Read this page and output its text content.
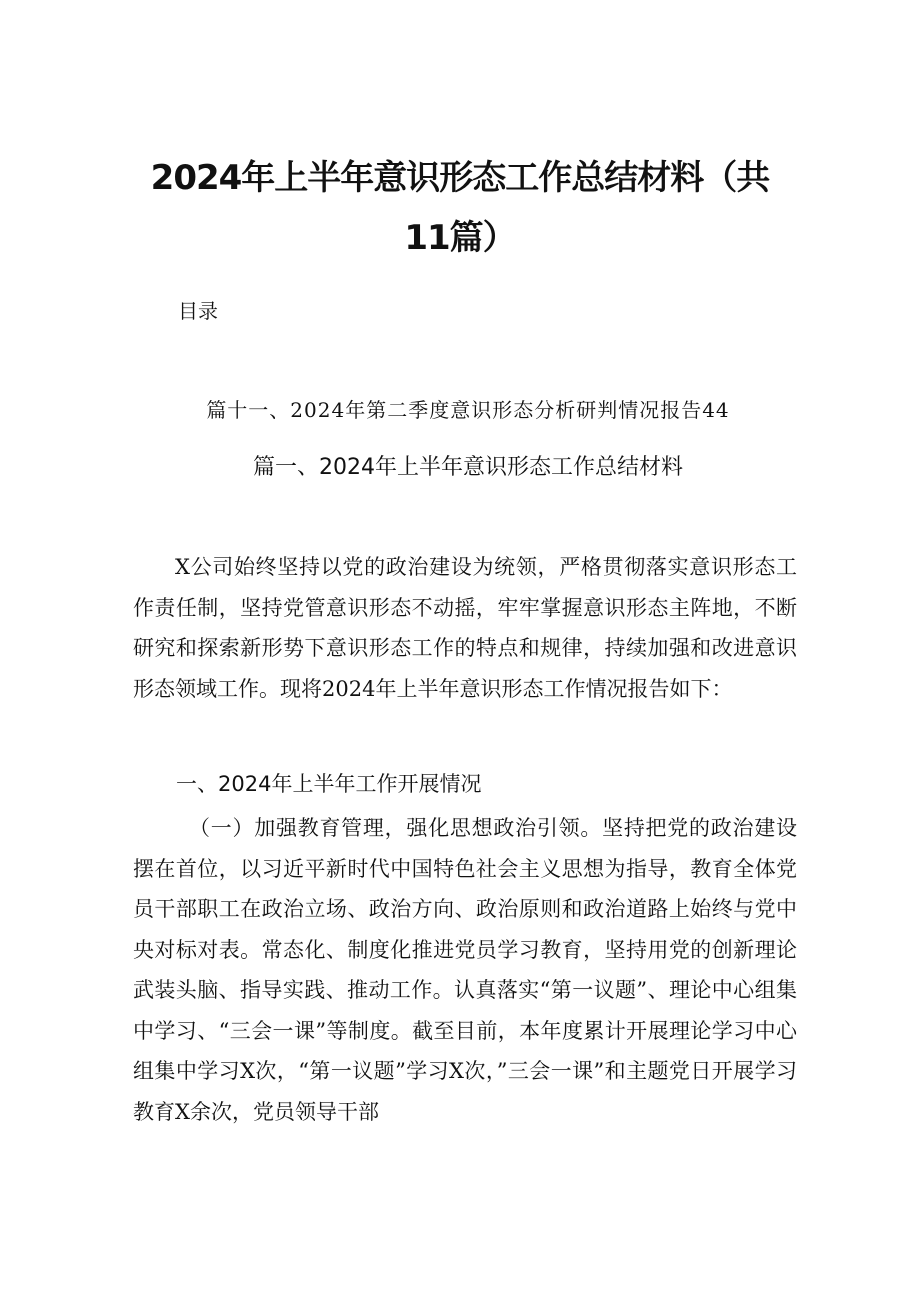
2024年上半年意识形态工作总结材料（共
11篇）
目录
篇十一、2024年第二季度意识形态分析研判情况报告44
篇一、2024年上半年意识形态工作总结材料
X公司始终坚持以党的政治建设为统领，严格贯彻落实意识形态工作责任制，坚持党管意识形态不动摇，牢牢掌握意识形态主阵地，不断研究和探索新形势下意识形态工作的特点和规律，持续加强和改进意识形态领域工作。现将2024年上半年意识形态工作情况报告如下：
一、2024年上半年工作开展情况
（一）加强教育管理，强化思想政治引领。坚持把党的政治建设摆在首位，以习近平新时代中国特色社会主义思想为指导，教育全体党员干部职工在政治立场、政治方向、政治原则和政治道路上始终与党中央对标对表。常态化、制度化推进党员学习教育，坚持用党的创新理论武装头脑、指导实践、推动工作。认真落实“第一议题”、理论中心组集中学习、“三会一课”等制度。截至目前，本年度累计开展理论学习中心组集中学习X次，“第一议题”学习X次，”三会一课”和主题党日开展学习教育X余次，党员领导干部
